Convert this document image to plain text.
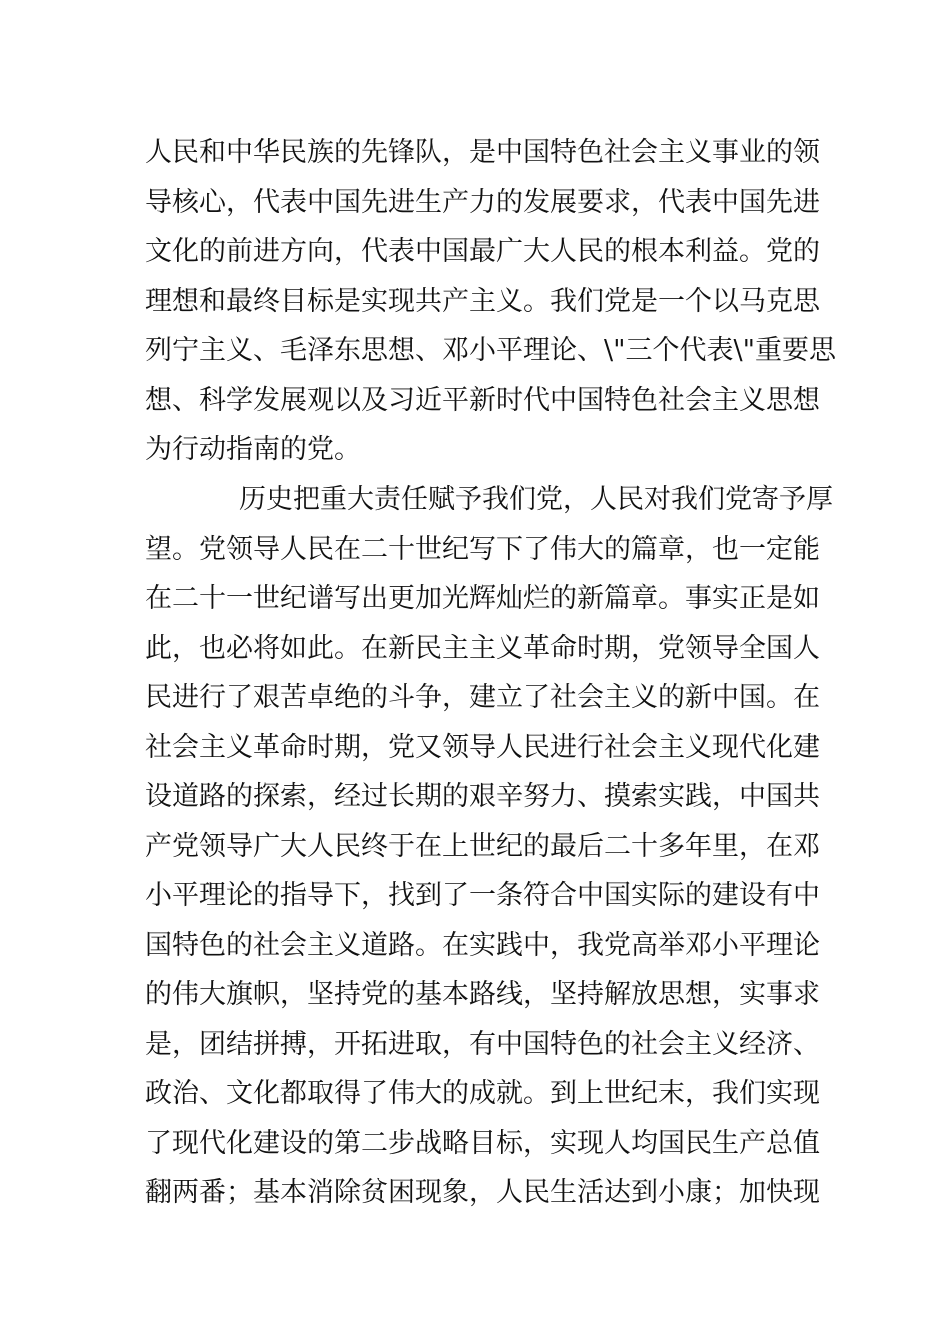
人民和中华民族的先锋队，是中国特色社会主义事业的领
导核心，代表中国先进生产力的发展要求，代表中国先进
文化的前进方向，代表中国最广大人民的根本利益。党的
理想和最终目标是实现共产主义。我们党是一个以马克思
列宁主义、毛泽东思想、邓小平理论、\"三个代表\"重要思
想、科学发展观以及习近平新时代中国特色社会主义思想
为行动指南的党。
历史把重大责任赋予我们党，人民对我们党寄予厚
望。党领导人民在二十世纪写下了伟大的篇章，也一定能
在二十一世纪谱写出更加光辉灿烂的新篇章。事实正是如
此，也必将如此。在新民主主义革命时期，党领导全国人
民进行了艰苦卓绝的斗争，建立了社会主义的新中国。在
社会主义革命时期，党又领导人民进行社会主义现代化建
设道路的探索，经过长期的艰辛努力、摸索实践，中国共
产党领导广大人民终于在上世纪的最后二十多年里，在邓
小平理论的指导下，找到了一条符合中国实际的建设有中
国特色的社会主义道路。在实践中，我党高举邓小平理论
的伟大旗帜，坚持党的基本路线，坚持解放思想，实事求
是，团结拼搏，开拓进取，有中国特色的社会主义经济、
政治、文化都取得了伟大的成就。到上世纪末，我们实现
了现代化建设的第二步战略目标，实现人均国民生产总值
翻两番；基本消除贫困现象，人民生活达到小康；加快现
